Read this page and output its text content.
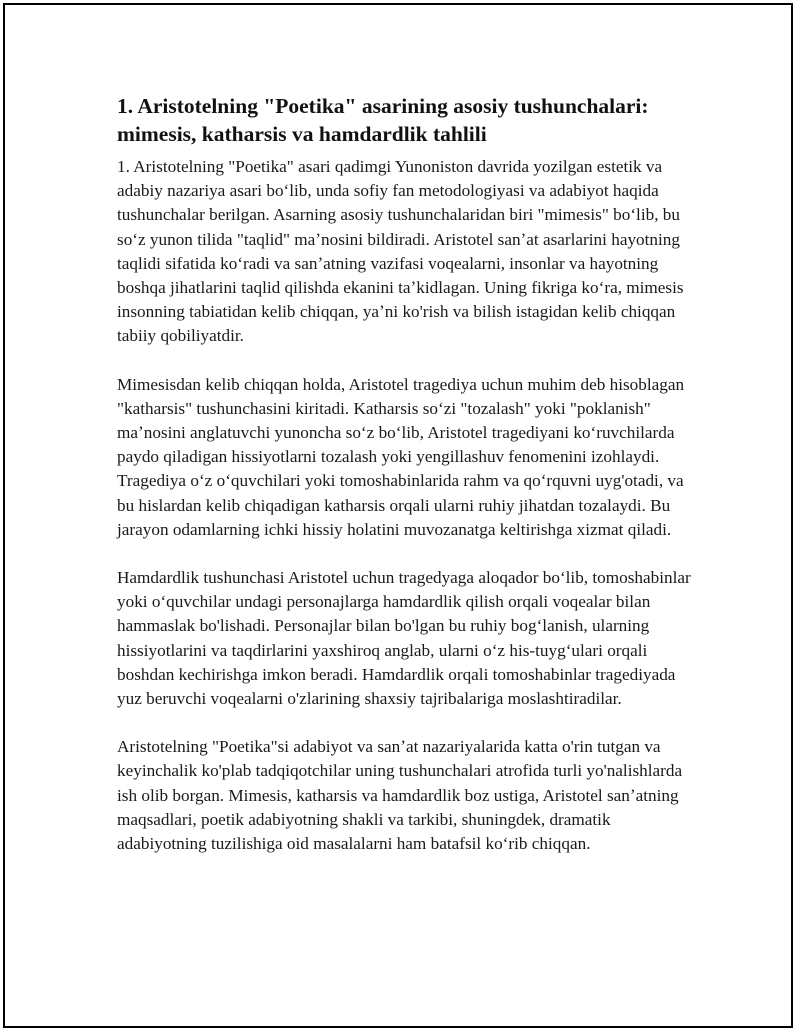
1. Aristotelning "Poetika" asarining asosiy tushunchalari: mimesis, katharsis va hamdardlik tahlili

1. Aristotelning "Poetika" asari qadimgi Yunoniston davrida yozilgan estetik va adabiy nazariya asari boʻlib, unda sofiy fan metodologiyasi va adabiyot haqida tushunchalar berilgan. Asarning asosiy tushunchalaridan biri "mimesis" boʻlib, bu soʻz yunon tilida "taqlid" maʼnosini bildiradi. Aristotel sanʼat asarlarini hayotning taqlidi sifatida koʻradi va sanʼatning vazifasi voqealarni, insonlar va hayotning boshqa jihatlarini taqlid qilishda ekanini taʼkidlagan. Uning fikriga koʻra, mimesis insonning tabiatidan kelib chiqqan, yaʼni ko'rish va bilish istagidan kelib chiqqan tabiiy qobiliyatdir.

Mimesisdan kelib chiqqan holda, Aristotel tragediya uchun muhim deb hisoblagan "katharsis" tushunchasini kiritadi. Katharsis soʻzi "tozalash" yoki "poklanish" maʼnosini anglatuvchi yunoncha soʻz boʻlib, Aristotel tragediyani koʻruvchilarda paydo qiladigan hissiyotlarni tozalash yoki yengillashuv fenomenini izohlaydi. Tragediya oʻz oʻquvchilari yoki tomoshabinlarida rahm va qoʻrquvni uyg'otadi, va bu hislardan kelib chiqadigan katharsis orqali ularni ruhiy jihatdan tozalaydi. Bu jarayon odamlarning ichki hissiy holatini muvozanatga keltirishga xizmat qiladi.

Hamdardlik tushunchasi Aristotel uchun tragedyaga aloqador boʻlib, tomoshabinlar yoki oʻquvchilar undagi personajlarga hamdardlik qilish orqali voqealar bilan hammaslak bo'lishadi. Personajlar bilan bo'lgan bu ruhiy bogʻlanish, ularning hissiyotlarini va taqdirlarini yaxshiroq anglab, ularni oʻz his-tuygʻulari orqali boshdan kechirishga imkon beradi. Hamdardlik orqali tomoshabinlar tragediyada yuz beruvchi voqealarni o'zlarining shaxsiy tajribalariga moslashtiradilar.

Aristotelning "Poetika"si adabiyot va sanʼat nazariyalarida katta o'rin tutgan va keyinchalik ko'plab tadqiqotchilar uning tushunchalari atrofida turli yo'nalishlarda ish olib borgan. Mimesis, katharsis va hamdardlik boz ustiga, Aristotel sanʼatning maqsadlari, poetik adabiyotning shakli va tarkibi, shuningdek, dramatik adabiyotning tuzilishiga oid masalalarni ham batafsil koʻrib chiqqan.
